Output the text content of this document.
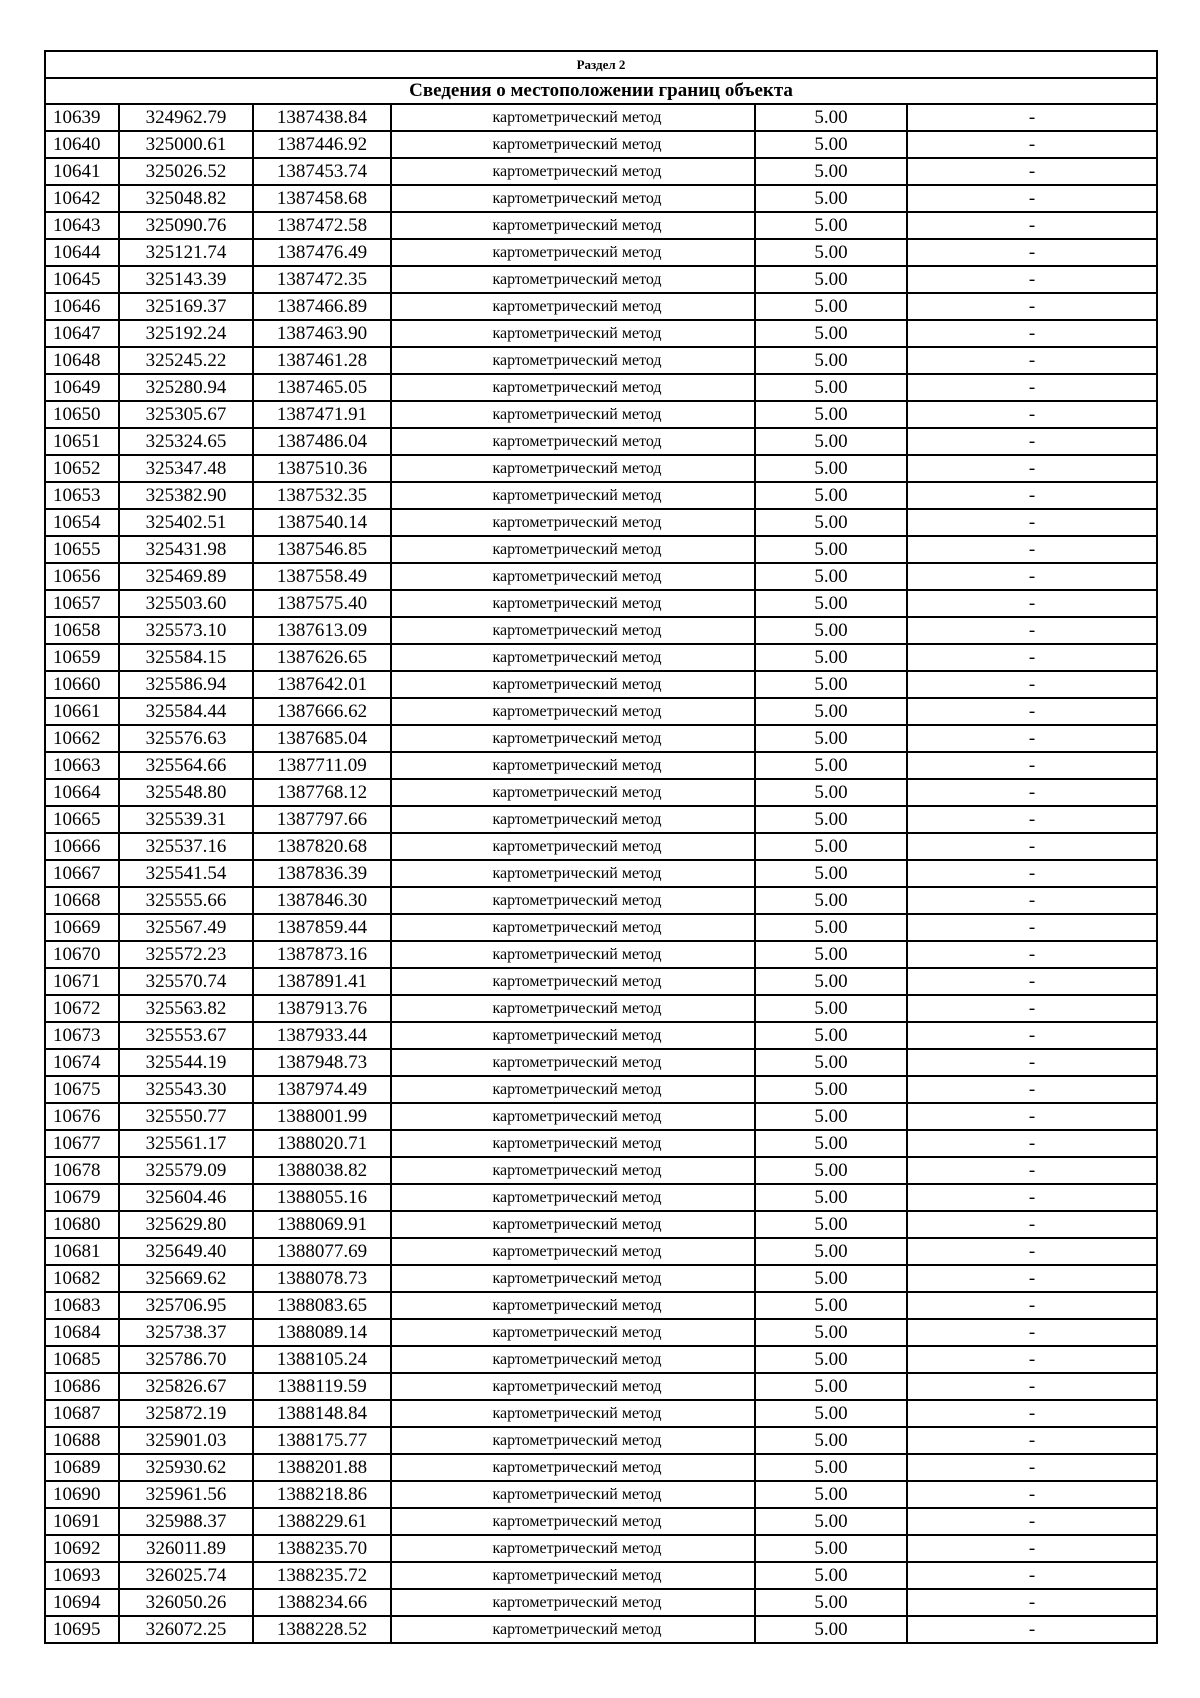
Раздел 2					
Сведения о местоположении границ объекта					
10639	324962.79	1387438.84	картометрический метод	5.00	-
10640	325000.61	1387446.92	картометрический метод	5.00	-
10641	325026.52	1387453.74	картометрический метод	5.00	-
10642	325048.82	1387458.68	картометрический метод	5.00	-
10643	325090.76	1387472.58	картометрический метод	5.00	-
10644	325121.74	1387476.49	картометрический метод	5.00	-
10645	325143.39	1387472.35	картометрический метод	5.00	-
10646	325169.37	1387466.89	картометрический метод	5.00	-
10647	325192.24	1387463.90	картометрический метод	5.00	-
10648	325245.22	1387461.28	картометрический метод	5.00	-
10649	325280.94	1387465.05	картометрический метод	5.00	-
10650	325305.67	1387471.91	картометрический метод	5.00	-
10651	325324.65	1387486.04	картометрический метод	5.00	-
10652	325347.48	1387510.36	картометрический метод	5.00	-
10653	325382.90	1387532.35	картометрический метод	5.00	-
10654	325402.51	1387540.14	картометрический метод	5.00	-
10655	325431.98	1387546.85	картометрический метод	5.00	-
10656	325469.89	1387558.49	картометрический метод	5.00	-
10657	325503.60	1387575.40	картометрический метод	5.00	-
10658	325573.10	1387613.09	картометрический метод	5.00	-
10659	325584.15	1387626.65	картометрический метод	5.00	-
10660	325586.94	1387642.01	картометрический метод	5.00	-
10661	325584.44	1387666.62	картометрический метод	5.00	-
10662	325576.63	1387685.04	картометрический метод	5.00	-
10663	325564.66	1387711.09	картометрический метод	5.00	-
10664	325548.80	1387768.12	картометрический метод	5.00	-
10665	325539.31	1387797.66	картометрический метод	5.00	-
10666	325537.16	1387820.68	картометрический метод	5.00	-
10667	325541.54	1387836.39	картометрический метод	5.00	-
10668	325555.66	1387846.30	картометрический метод	5.00	-
10669	325567.49	1387859.44	картометрический метод	5.00	-
10670	325572.23	1387873.16	картометрический метод	5.00	-
10671	325570.74	1387891.41	картометрический метод	5.00	-
10672	325563.82	1387913.76	картометрический метод	5.00	-
10673	325553.67	1387933.44	картометрический метод	5.00	-
10674	325544.19	1387948.73	картометрический метод	5.00	-
10675	325543.30	1387974.49	картометрический метод	5.00	-
10676	325550.77	1388001.99	картометрический метод	5.00	-
10677	325561.17	1388020.71	картометрический метод	5.00	-
10678	325579.09	1388038.82	картометрический метод	5.00	-
10679	325604.46	1388055.16	картометрический метод	5.00	-
10680	325629.80	1388069.91	картометрический метод	5.00	-
10681	325649.40	1388077.69	картометрический метод	5.00	-
10682	325669.62	1388078.73	картометрический метод	5.00	-
10683	325706.95	1388083.65	картометрический метод	5.00	-
10684	325738.37	1388089.14	картометрический метод	5.00	-
10685	325786.70	1388105.24	картометрический метод	5.00	-
10686	325826.67	1388119.59	картометрический метод	5.00	-
10687	325872.19	1388148.84	картометрический метод	5.00	-
10688	325901.03	1388175.77	картометрический метод	5.00	-
10689	325930.62	1388201.88	картометрический метод	5.00	-
10690	325961.56	1388218.86	картометрический метод	5.00	-
10691	325988.37	1388229.61	картометрический метод	5.00	-
10692	326011.89	1388235.70	картометрический метод	5.00	-
10693	326025.74	1388235.72	картометрический метод	5.00	-
10694	326050.26	1388234.66	картометрический метод	5.00	-
10695	326072.25	1388228.52	картометрический метод	5.00	-
